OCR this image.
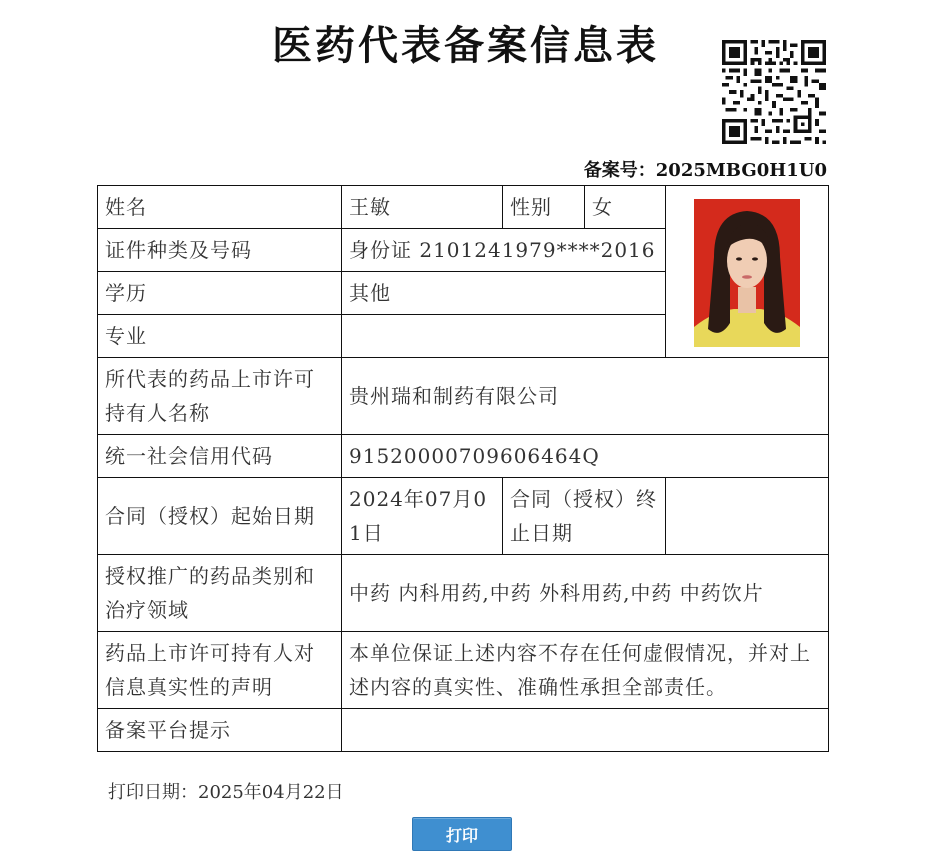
医药代表备案信息表
备案号：2025MBG0H1U0
姓名	王敏	性别	女	

证件种类及号码	身份证 2101241979****2016			
学历	其他			
专业				
所代表的药品上市许可持有人名称	贵州瑞和制药有限公司			
统一社会信用代码	91520000709606464Q			
合同（授权）起始日期	2024年07月01日	合同（授权）终止日期		
授权推广的药品类别和治疗领域	中药 内科用药,中药 外科用药,中药 中药饮片			
药品上市许可持有人对信息真实性的声明	本单位保证上述内容不存在任何虚假情况，并对上述内容的真实性、准确性承担全部责任。			
备案平台提示				
打印日期：2025年04月22日
打印
